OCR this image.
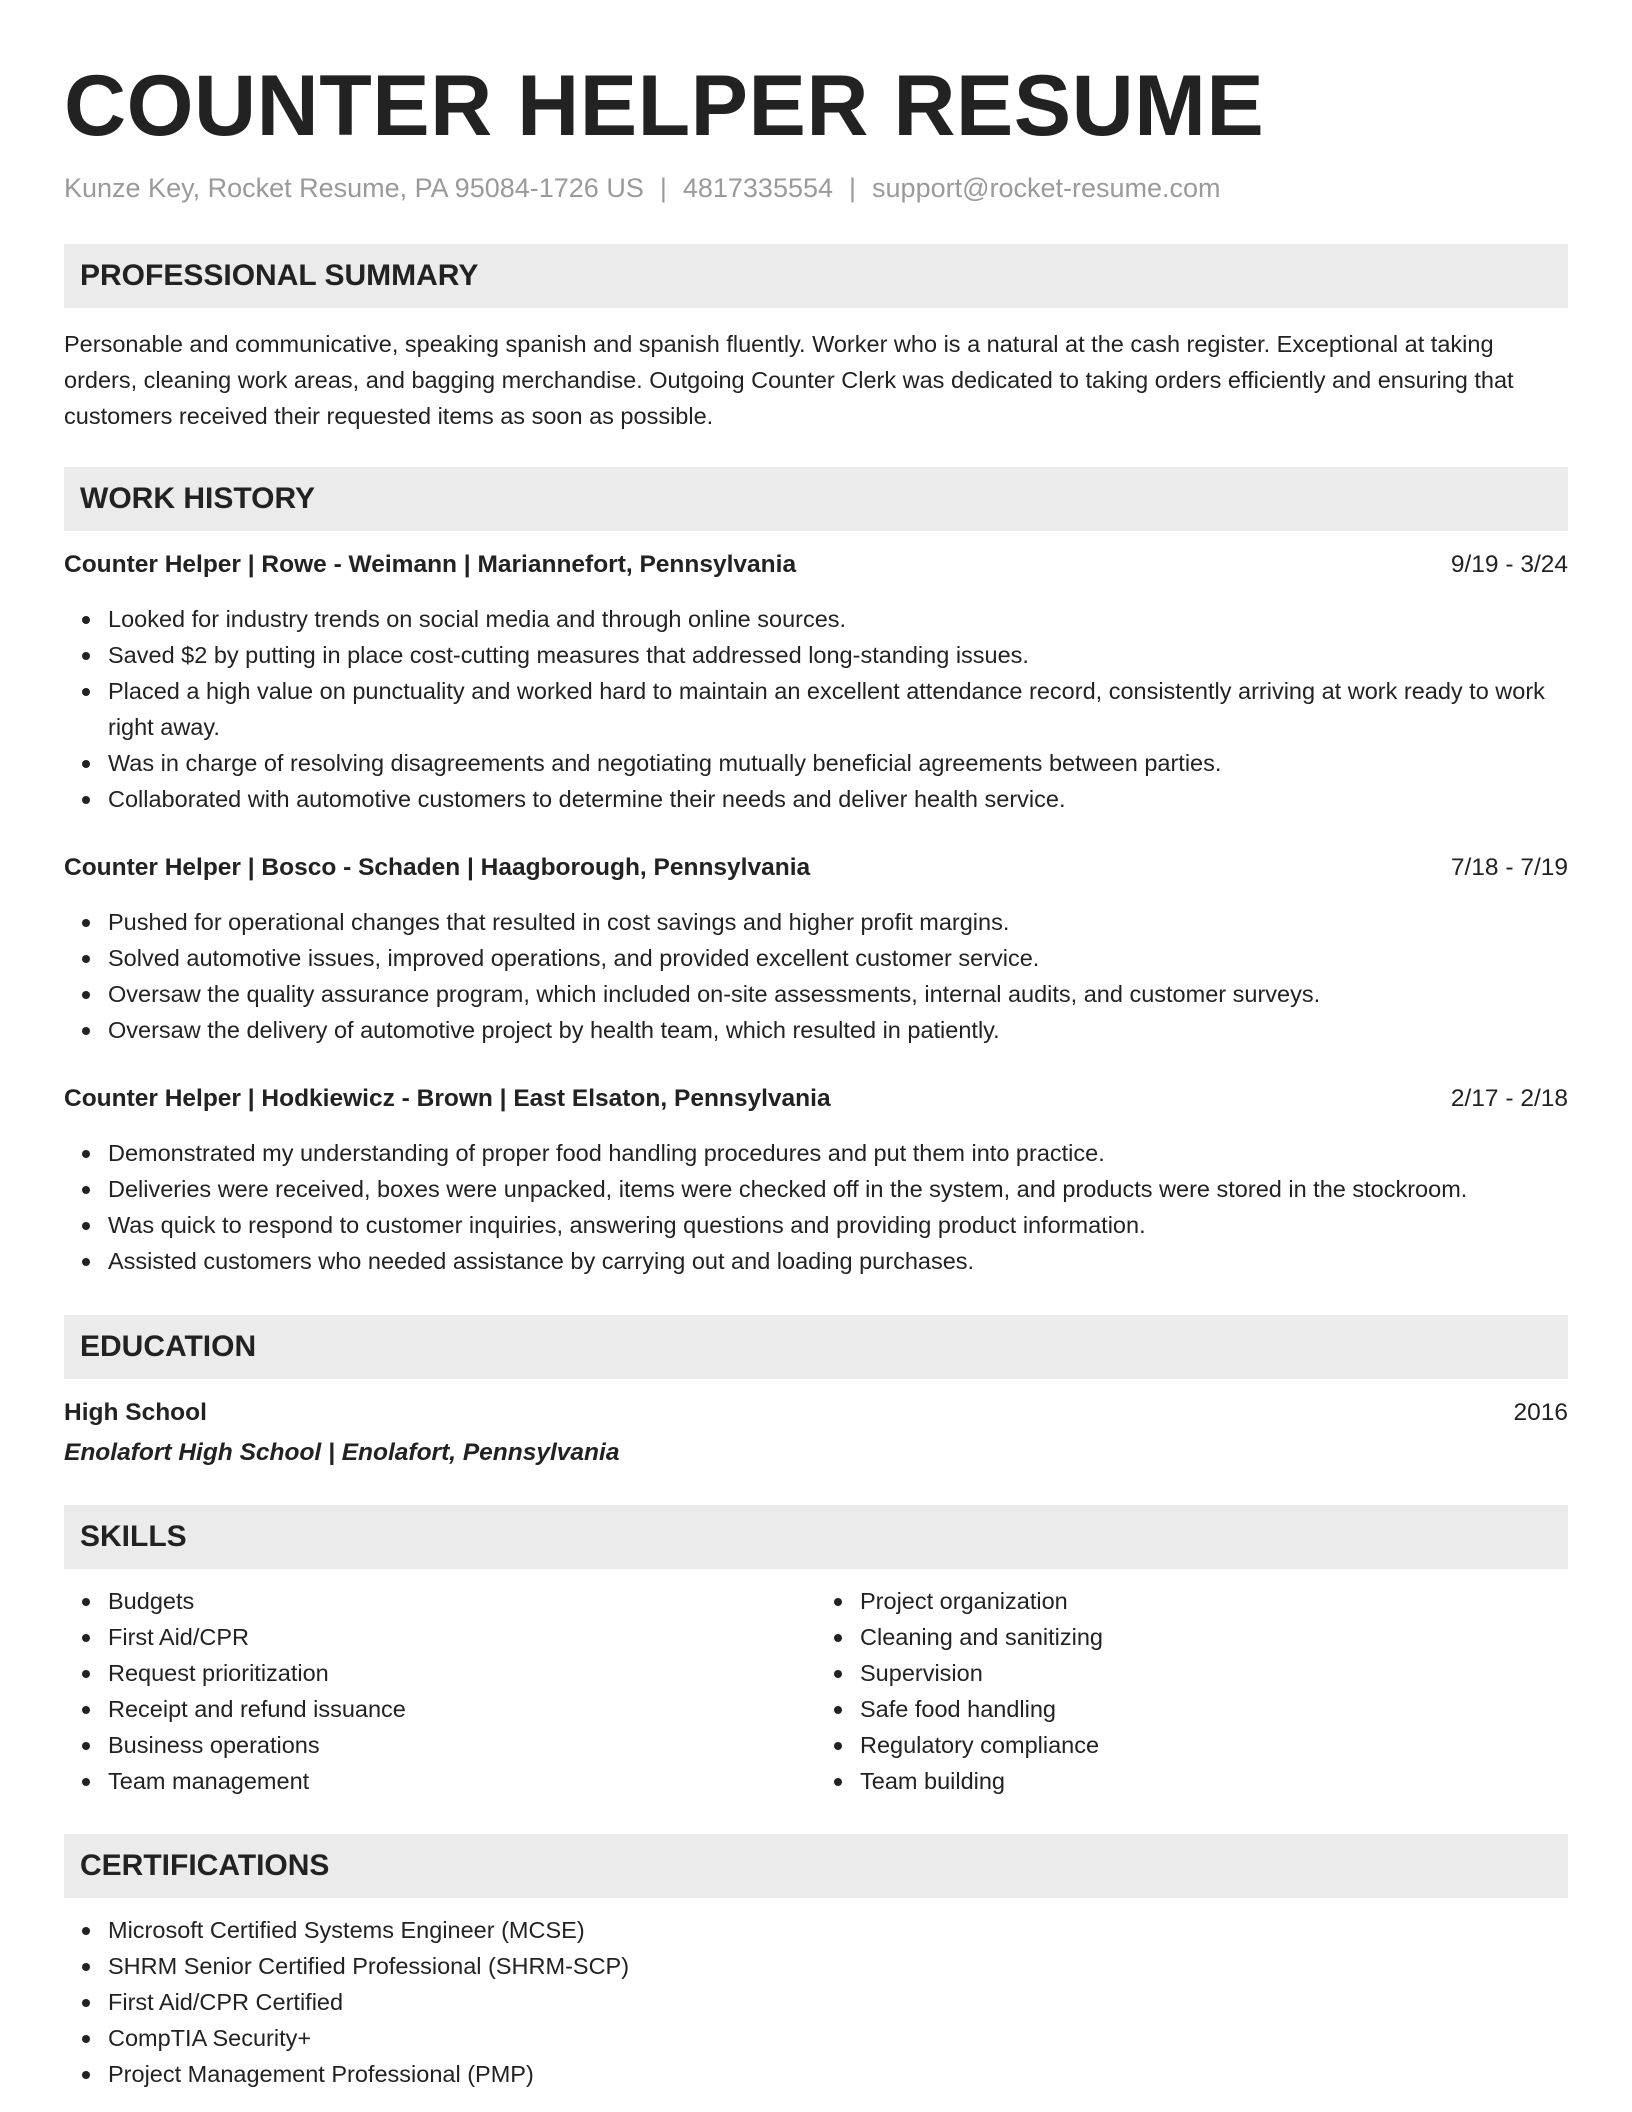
COUNTER HELPER RESUME
Kunze Key, Rocket Resume, PA 95084-1726 US | 4817335554 | support@rocket-resume.com
PROFESSIONAL SUMMARY

Personable and communicative, speaking spanish and spanish fluently. Worker who is a natural at the cash register. Exceptional at taking orders, cleaning work areas, and bagging merchandise. Outgoing Counter Clerk was dedicated to taking orders efficiently and ensuring that customers received their requested items as soon as possible.

WORK HISTORY
Counter Helper | Rowe - Weimann | Mariannefort, Pennsylvania	9/19 - 3/24
Looked for industry trends on social media and through online sources.
Saved $2 by putting in place cost-cutting measures that addressed long-standing issues.
Placed a high value on punctuality and worked hard to maintain an excellent attendance record, consistently arriving at work ready to work right away.
Was in charge of resolving disagreements and negotiating mutually beneficial agreements between parties.
Collaborated with automotive customers to determine their needs and deliver health service.
Counter Helper | Bosco - Schaden | Haagborough, Pennsylvania	7/18 - 7/19
Pushed for operational changes that resulted in cost savings and higher profit margins.
Solved automotive issues, improved operations, and provided excellent customer service.
Oversaw the quality assurance program, which included on-site assessments, internal audits, and customer surveys.
Oversaw the delivery of automotive project by health team, which resulted in patiently.
Counter Helper | Hodkiewicz - Brown | East Elsaton, Pennsylvania	2/17 - 2/18
Demonstrated my understanding of proper food handling procedures and put them into practice.
Deliveries were received, boxes were unpacked, items were checked off in the system, and products were stored in the stockroom.
Was quick to respond to customer inquiries, answering questions and providing product information.
Assisted customers who needed assistance by carrying out and loading purchases.
EDUCATION
High School	2016
Enolafort High School | Enolafort, Pennsylvania
SKILLS
Budgets
First Aid/CPR
Request prioritization
Receipt and refund issuance
Business operations
Team management
Project organization
Cleaning and sanitizing
Supervision
Safe food handling
Regulatory compliance
Team building
CERTIFICATIONS
Microsoft Certified Systems Engineer (MCSE)
SHRM Senior Certified Professional (SHRM-SCP)
First Aid/CPR Certified
CompTIA Security+
Project Management Professional (PMP)
